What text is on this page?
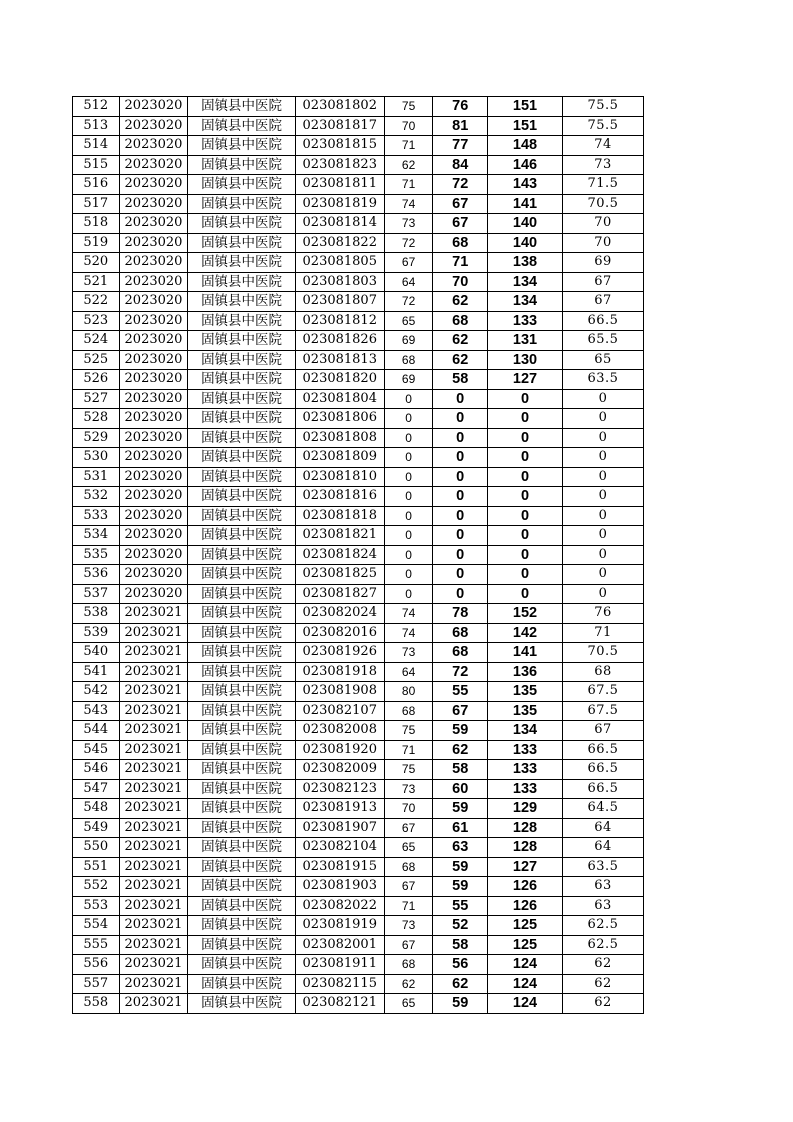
512	2023020	固镇县中医院	023081802	75	76	151	75.5
513	2023020	固镇县中医院	023081817	70	81	151	75.5
514	2023020	固镇县中医院	023081815	71	77	148	74
515	2023020	固镇县中医院	023081823	62	84	146	73
516	2023020	固镇县中医院	023081811	71	72	143	71.5
517	2023020	固镇县中医院	023081819	74	67	141	70.5
518	2023020	固镇县中医院	023081814	73	67	140	70
519	2023020	固镇县中医院	023081822	72	68	140	70
520	2023020	固镇县中医院	023081805	67	71	138	69
521	2023020	固镇县中医院	023081803	64	70	134	67
522	2023020	固镇县中医院	023081807	72	62	134	67
523	2023020	固镇县中医院	023081812	65	68	133	66.5
524	2023020	固镇县中医院	023081826	69	62	131	65.5
525	2023020	固镇县中医院	023081813	68	62	130	65
526	2023020	固镇县中医院	023081820	69	58	127	63.5
527	2023020	固镇县中医院	023081804	0	0	0	0
528	2023020	固镇县中医院	023081806	0	0	0	0
529	2023020	固镇县中医院	023081808	0	0	0	0
530	2023020	固镇县中医院	023081809	0	0	0	0
531	2023020	固镇县中医院	023081810	0	0	0	0
532	2023020	固镇县中医院	023081816	0	0	0	0
533	2023020	固镇县中医院	023081818	0	0	0	0
534	2023020	固镇县中医院	023081821	0	0	0	0
535	2023020	固镇县中医院	023081824	0	0	0	0
536	2023020	固镇县中医院	023081825	0	0	0	0
537	2023020	固镇县中医院	023081827	0	0	0	0
538	2023021	固镇县中医院	023082024	74	78	152	76
539	2023021	固镇县中医院	023082016	74	68	142	71
540	2023021	固镇县中医院	023081926	73	68	141	70.5
541	2023021	固镇县中医院	023081918	64	72	136	68
542	2023021	固镇县中医院	023081908	80	55	135	67.5
543	2023021	固镇县中医院	023082107	68	67	135	67.5
544	2023021	固镇县中医院	023082008	75	59	134	67
545	2023021	固镇县中医院	023081920	71	62	133	66.5
546	2023021	固镇县中医院	023082009	75	58	133	66.5
547	2023021	固镇县中医院	023082123	73	60	133	66.5
548	2023021	固镇县中医院	023081913	70	59	129	64.5
549	2023021	固镇县中医院	023081907	67	61	128	64
550	2023021	固镇县中医院	023082104	65	63	128	64
551	2023021	固镇县中医院	023081915	68	59	127	63.5
552	2023021	固镇县中医院	023081903	67	59	126	63
553	2023021	固镇县中医院	023082022	71	55	126	63
554	2023021	固镇县中医院	023081919	73	52	125	62.5
555	2023021	固镇县中医院	023082001	67	58	125	62.5
556	2023021	固镇县中医院	023081911	68	56	124	62
557	2023021	固镇县中医院	023082115	62	62	124	62
558	2023021	固镇县中医院	023082121	65	59	124	62
